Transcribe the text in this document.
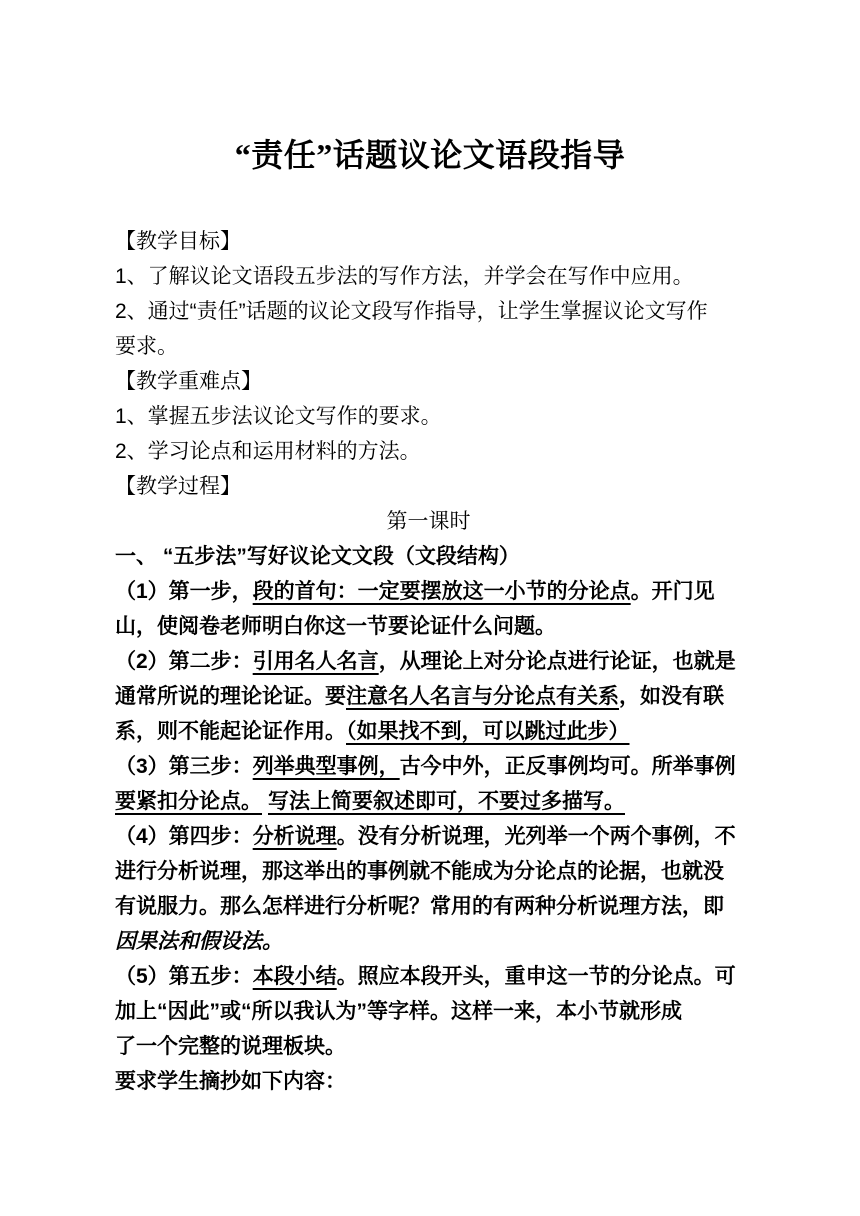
“责任”话题议论文语段指导
【教学目标】
1、了解议论文语段五步法的写作方法，并学会在写作中应用。
2、通过“责任”话题的议论文段写作指导，让学生掌握议论文写作
要求。
【教学重难点】
1、掌握五步法议论文写作的要求。
2、学习论点和运用材料的方法。
【教学过程】
第一课时
一、 “五步法”写好议论文文段（文段结构）
（1）第一步，段的首句：一定要摆放这一小节的分论点。开门见
山，使阅卷老师明白你这一节要论证什么问题。
（2）第二步：引用名人名言，从理论上对分论点进行论证，也就是
通常所说的理论论证。要注意名人名言与分论点有关系，如没有联
系，则不能起论证作用。（如果找不到，可以跳过此步）
（3）第三步：列举典型事例，古今中外，正反事例均可。所举事例
要紧扣分论点。 写法上简要叙述即可，不要过多描写。
（4）第四步：分析说理。没有分析说理，光列举一个两个事例，不
进行分析说理，那这举出的事例就不能成为分论点的论据，也就没
有说服力。那么怎样进行分析呢？常用的有两种分析说理方法，即
因果法和假设法。
（5）第五步：本段小结。照应本段开头，重申这一节的分论点。可
加上“因此”或“所以我认为”等字样。这样一来，本小节就形成
了一个完整的说理板块。
要求学生摘抄如下内容：
